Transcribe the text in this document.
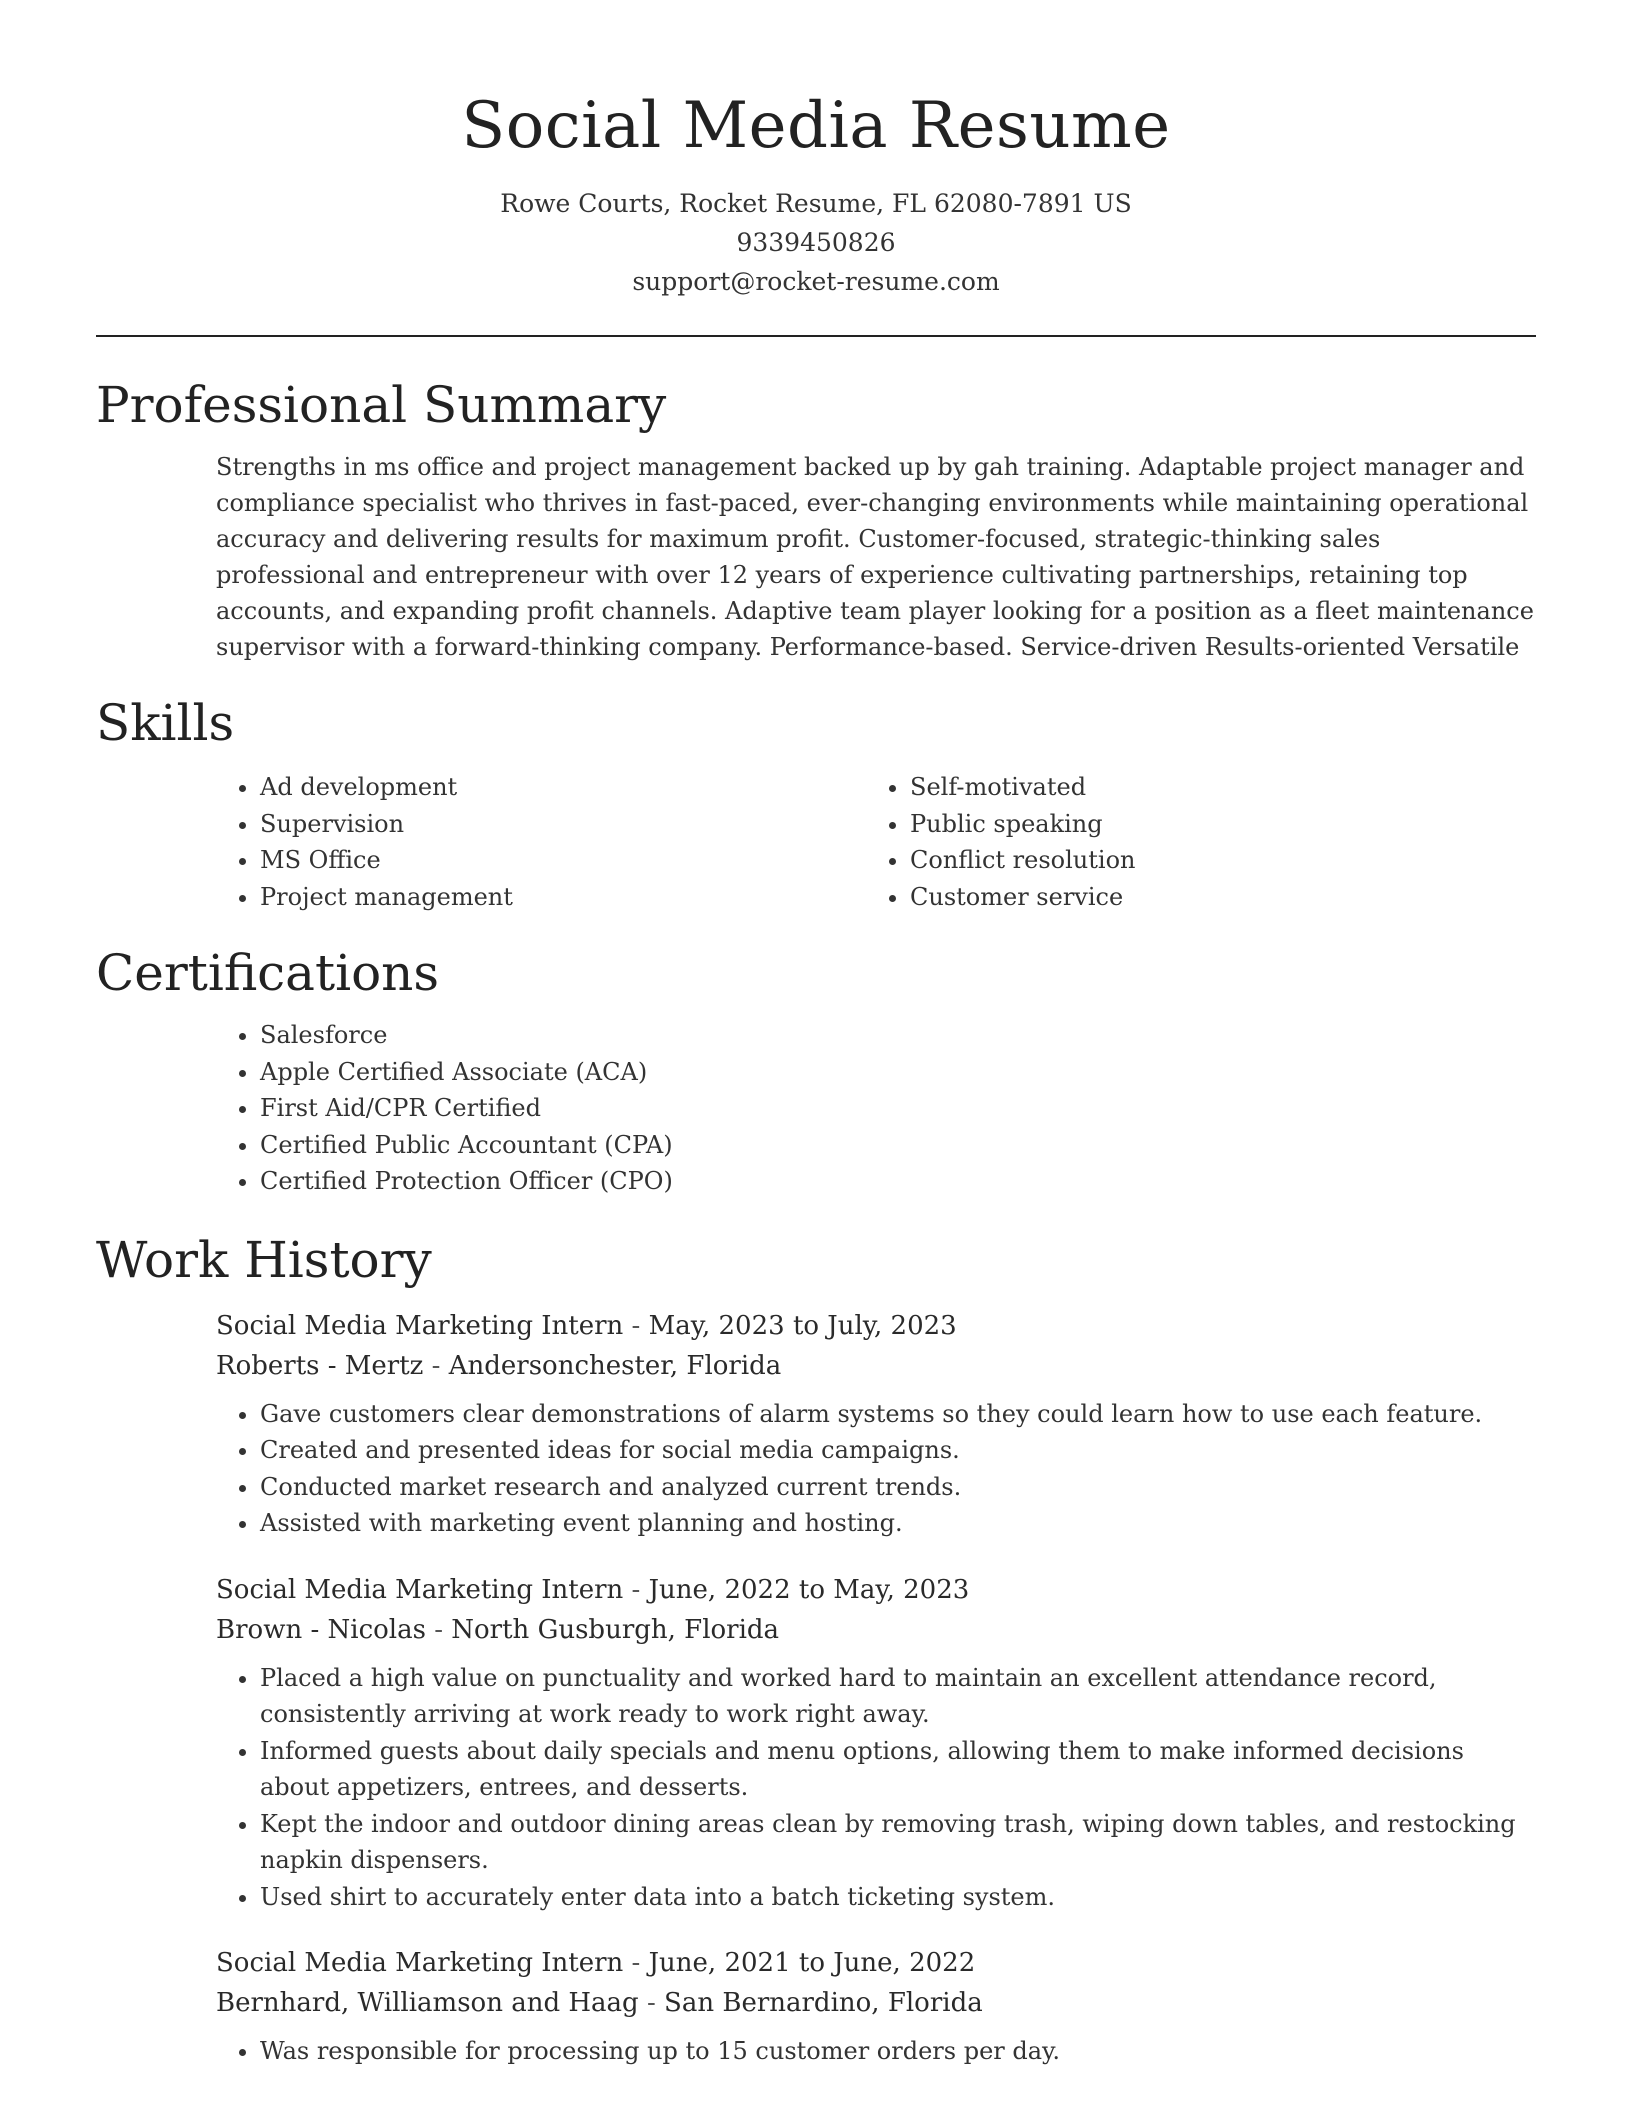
Social Media Resume
Rowe Courts, Rocket Resume, FL 62080-7891 US
9339450826
support@rocket-resume.com
Professional Summary
Strengths in ms office and project management backed up by gah training. Adaptable project manager and compliance specialist who thrives in fast-paced, ever-changing environments while maintaining operational accuracy and delivering results for maximum profit. Customer-focused, strategic-thinking sales professional and entrepreneur with over 12 years of experience cultivating partnerships, retaining top accounts, and expanding profit channels. Adaptive team player looking for a position as a fleet maintenance supervisor with a forward-thinking company. Performance-based. Service-driven Results-oriented Versatile
Skills
• Ad development
• Supervision
• MS Office
• Project management
• Self-motivated
• Public speaking
• Conflict resolution
• Customer service
Certifications
• Salesforce
• Apple Certified Associate (ACA)
• First Aid/CPR Certified
• Certified Public Accountant (CPA)
• Certified Protection Officer (CPO)
Work History
Social Media Marketing Intern - May, 2023 to July, 2023
Roberts - Mertz - Andersonchester, Florida
• Gave customers clear demonstrations of alarm systems so they could learn how to use each feature.
• Created and presented ideas for social media campaigns.
• Conducted market research and analyzed current trends.
• Assisted with marketing event planning and hosting.
Social Media Marketing Intern - June, 2022 to May, 2023
Brown - Nicolas - North Gusburgh, Florida
• Placed a high value on punctuality and worked hard to maintain an excellent attendance record, consistently arriving at work ready to work right away.
• Informed guests about daily specials and menu options, allowing them to make informed decisions about appetizers, entrees, and desserts.
• Kept the indoor and outdoor dining areas clean by removing trash, wiping down tables, and restocking napkin dispensers.
• Used shirt to accurately enter data into a batch ticketing system.
Social Media Marketing Intern - June, 2021 to June, 2022
Bernhard, Williamson and Haag - San Bernardino, Florida
• Was responsible for processing up to 15 customer orders per day.
